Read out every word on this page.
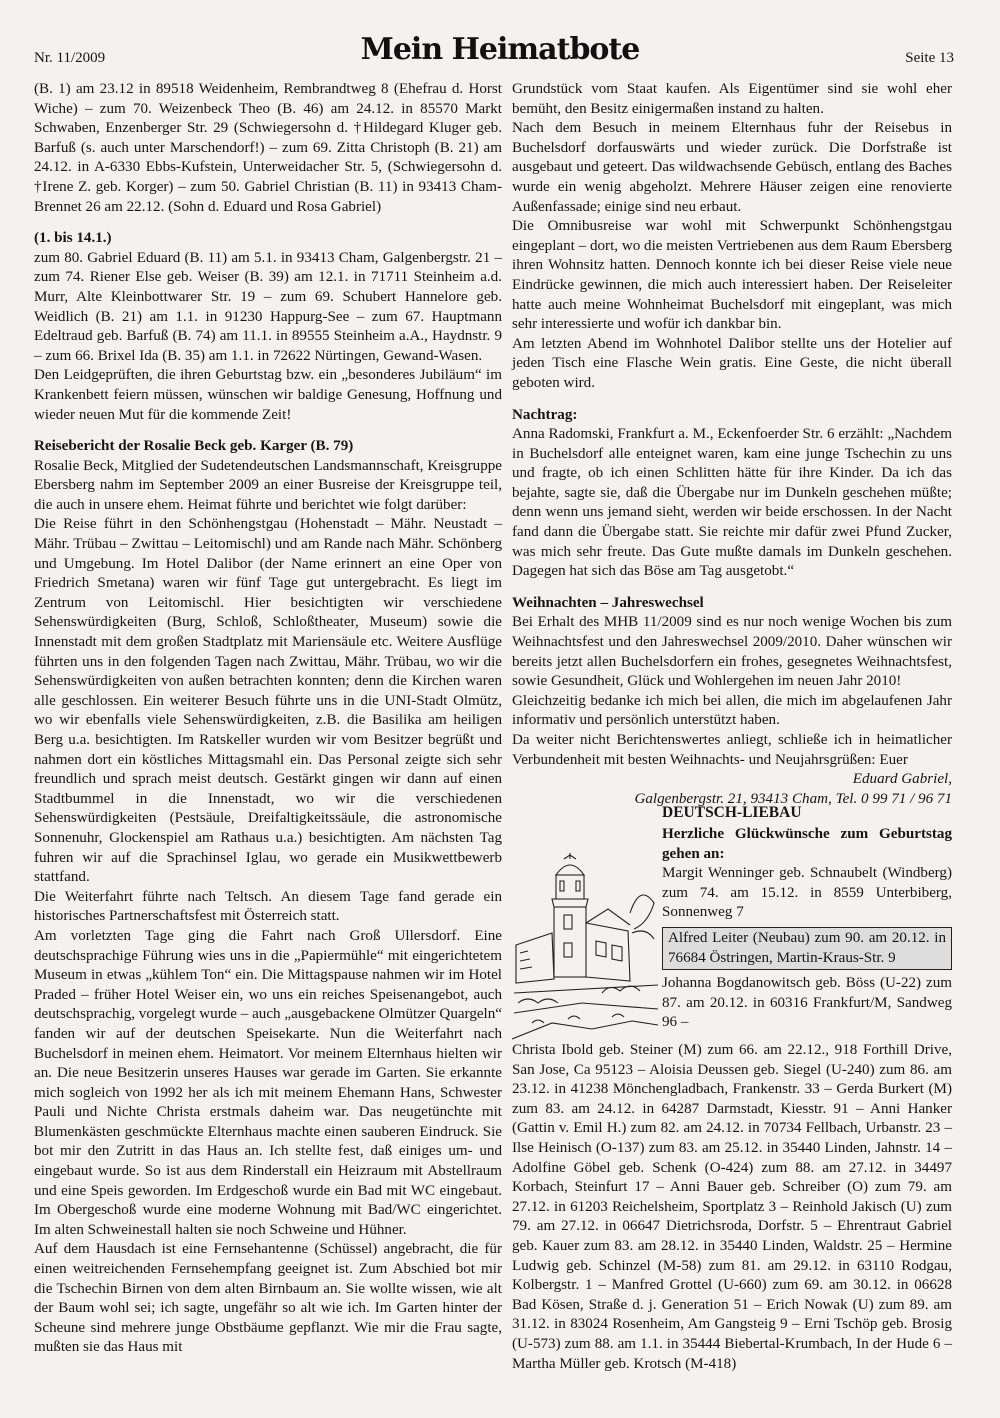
Nr. 11/2009	Mein Heimatbote	Seite 13

(B. 1) am 23.12 in 89518 Weidenheim, Rembrandtweg 8 (Ehefrau d. Horst Wiche) – zum 70. Weizenbeck Theo (B. 46) am 24.12. in 85570 Markt Schwaben, Enzenberger Str. 29 (Schwiegersohn d. †Hildegard Kluger geb. Barfuß (s. auch unter Marschendorf!) – zum 69. Zitta Christoph (B. 21) am 24.12. in A-6330 Ebbs-Kufstein, Unterweidacher Str. 5, (Schwiegersohn d. †Irene Z. geb. Korger) – zum 50. Gabriel Christian (B. 11) in 93413 Cham-Brennet 26 am 22.12. (Sohn d. Eduard und Rosa Gabriel)

(1. bis 14.1.)

zum 80. Gabriel Eduard (B. 11) am 5.1. in 93413 Cham, Galgenbergstr. 21 – zum 74. Riener Else geb. Weiser (B. 39) am 12.1. in 71711 Steinheim a.d. Murr, Alte Kleinbottwarer Str. 19 – zum 69. Schubert Hannelore geb. Weidlich (B. 21) am 1.1. in 91230 Happurg-See – zum 67. Hauptmann Edeltraud geb. Barfuß (B. 74) am 11.1. in 89555 Steinheim a.A., Haydnstr. 9 – zum 66. Brixel Ida (B. 35) am 1.1. in 72622 Nürtingen, Gewand-Wasen.

Den Leidgeprüften, die ihren Geburtstag bzw. ein „besonderes Jubiläum“ im Krankenbett feiern müssen, wünschen wir baldige Genesung, Hoffnung und wieder neuen Mut für die kommende Zeit!

Reisebericht der Rosalie Beck geb. Karger (B. 79)

Rosalie Beck, Mitglied der Sudetendeutschen Landsmannschaft, Kreisgruppe Ebersberg nahm im September 2009 an einer Busreise der Kreisgruppe teil, die auch in unsere ehem. Heimat führte und berichtet wie folgt darüber:

Die Reise führt in den Schönhengstgau (Hohenstadt – Mähr. Neustadt – Mähr. Trübau – Zwittau – Leitomischl) und am Rande nach Mähr. Schönberg und Umgebung. Im Hotel Dalibor (der Name erinnert an eine Oper von Friedrich Smetana) waren wir fünf Tage gut untergebracht. Es liegt im Zentrum von Leitomischl. Hier besichtigten wir verschiedene Sehenswürdigkeiten (Burg, Schloß, Schloßtheater, Museum) sowie die Innenstadt mit dem großen Stadtplatz mit Mariensäule etc. Weitere Ausflüge führten uns in den folgenden Tagen nach Zwittau, Mähr. Trübau, wo wir die Sehenswürdigkeiten von außen betrachten konnten; denn die Kirchen waren alle geschlossen. Ein weiterer Besuch führte uns in die UNI-Stadt Olmütz, wo wir ebenfalls viele Sehenswürdigkeiten, z.B. die Basilika am heiligen Berg u.a. besichtigten. Im Ratskeller wurden wir vom Besitzer begrüßt und nahmen dort ein köstliches Mittagsmahl ein. Das Personal zeigte sich sehr freundlich und sprach meist deutsch. Gestärkt gingen wir dann auf einen Stadtbummel in die Innenstadt, wo wir die verschiedenen Sehenswürdigkeiten (Pestsäule, Dreifaltigkeitssäule, die astronomische Sonnenuhr, Glockenspiel am Rathaus u.a.) besichtigten. Am nächsten Tag fuhren wir auf die Sprachinsel Iglau, wo gerade ein Musikwettbewerb stattfand.

Die Weiterfahrt führte nach Teltsch. An diesem Tage fand gerade ein historisches Partnerschaftsfest mit Österreich statt.

Am vorletzten Tage ging die Fahrt nach Groß Ullersdorf. Eine deutschsprachige Führung wies uns in die „Papiermühle“ mit eingerichtetem Museum in etwas „kühlem Ton“ ein. Die Mittagspause nahmen wir im Hotel Praded – früher Hotel Weiser ein, wo uns ein reiches Speisenangebot, auch deutschsprachig, vorgelegt wurde – auch „ausgebackene Olmützer Quargeln“ fanden wir auf der deutschen Speisekarte. Nun die Weiterfahrt nach Buchelsdorf in meinen ehem. Heimatort. Vor meinem Elternhaus hielten wir an. Die neue Besitzerin unseres Hauses war gerade im Garten. Sie erkannte mich sogleich von 1992 her als ich mit meinem Ehemann Hans, Schwester Pauli und Nichte Christa erstmals daheim war. Das neugetünchte mit Blumenkästen geschmückte Elternhaus machte einen sauberen Eindruck. Sie bot mir den Zutritt in das Haus an. Ich stellte fest, daß einiges um- und eingebaut wurde. So ist aus dem Rinderstall ein Heizraum mit Abstellraum und eine Speis geworden. Im Erdgeschoß wurde ein Bad mit WC eingebaut. Im Obergeschoß wurde eine moderne Wohnung mit Bad/WC eingerichtet. Im alten Schweinestall halten sie noch Schweine und Hühner.

Auf dem Hausdach ist eine Fernsehantenne (Schüssel) angebracht, die für einen weitreichenden Fernsehempfang geeignet ist. Zum Abschied bot mir die Tschechin Birnen von dem alten Birnbaum an. Sie wollte wissen, wie alt der Baum wohl sei; ich sagte, ungefähr so alt wie ich. Im Garten hinter der Scheune sind mehrere junge Obstbäume gepflanzt. Wie mir die Frau sagte, mußten sie das Haus mit

Grundstück vom Staat kaufen. Als Eigentümer sind sie wohl eher bemüht, den Besitz einigermaßen instand zu halten.

Nach dem Besuch in meinem Elternhaus fuhr der Reisebus in Buchelsdorf dorfauswärts und wieder zurück. Die Dorfstraße ist ausgebaut und geteert. Das wildwachsende Gebüsch, entlang des Baches wurde ein wenig abgeholzt. Mehrere Häuser zeigen eine renovierte Außenfassade; einige sind neu erbaut.

Die Omnibusreise war wohl mit Schwerpunkt Schönhengstgau eingeplant – dort, wo die meisten Vertriebenen aus dem Raum Ebersberg ihren Wohnsitz hatten. Dennoch konnte ich bei dieser Reise viele neue Eindrücke gewinnen, die mich auch interessiert haben. Der Reiseleiter hatte auch meine Wohnheimat Buchelsdorf mit eingeplant, was mich sehr interessierte und wofür ich dankbar bin.

Am letzten Abend im Wohnhotel Dalibor stellte uns der Hotelier auf jeden Tisch eine Flasche Wein gratis. Eine Geste, die nicht überall geboten wird.

Nachtrag:

Anna Radomski, Frankfurt a. M., Eckenfoerder Str. 6 erzählt: „Nachdem in Buchelsdorf alle enteignet waren, kam eine junge Tschechin zu uns und fragte, ob ich einen Schlitten hätte für ihre Kinder. Da ich das bejahte, sagte sie, daß die Übergabe nur im Dunkeln geschehen müßte; denn wenn uns jemand sieht, werden wir beide erschossen. In der Nacht fand dann die Übergabe statt. Sie reichte mir dafür zwei Pfund Zucker, was mich sehr freute. Das Gute mußte damals im Dunkeln geschehen. Dagegen hat sich das Böse am Tag ausgetobt.“

Weihnachten – Jahreswechsel

Bei Erhalt des MHB 11/2009 sind es nur noch wenige Wochen bis zum Weihnachtsfest und den Jahreswechsel 2009/2010. Daher wünschen wir bereits jetzt allen Buchelsdorfern ein frohes, gesegnetes Weihnachtsfest, sowie Gesundheit, Glück und Wohlergehen im neuen Jahr 2010!

Gleichzeitig bedanke ich mich bei allen, die mich im abgelaufenen Jahr informativ und persönlich unterstützt haben.

Da weiter nicht Berichtenswertes anliegt, schließe ich in heimatlicher Verbundenheit mit besten Weihnachts- und Neujahrsgrüßen: Euer

Eduard Gabriel,

Galgenbergstr. 21, 93413 Cham, Tel. 0 99 71 / 96 71

DEUTSCH-LIEBAU

Herzliche Glückwünsche zum Geburtstag gehen an:

Margit Wenninger geb. Schnaubelt (Windberg) zum 74. am 15.12. in 8559 Unterbiberg, Sonnenweg 7

Alfred Leiter (Neubau) zum 90. am 20.12. in 76684 Östringen, Martin-Kraus-Str. 9

Johanna Bogdanowitsch geb. Böss (U-22) zum 87. am 20.12. in 60316 Frankfurt/M, Sandweg 96 –

Christa Ibold geb. Steiner (M) zum 66. am 22.12., 918 Forthill Drive, San Jose, Ca 95123 – Aloisia Deussen geb. Siegel (U-240) zum 86. am 23.12. in 41238 Mönchengladbach, Frankenstr. 33 – Gerda Burkert (M) zum 83. am 24.12. in 64287 Darmstadt, Kiesstr. 91 – Anni Hanker (Gattin v. Emil H.) zum 82. am 24.12. in 70734 Fellbach, Urbanstr. 23 – Ilse Heinisch (O-137) zum 83. am 25.12. in 35440 Linden, Jahnstr. 14 – Adolfine Göbel geb. Schenk (O-424) zum 88. am 27.12. in 34497 Korbach, Steinfurt 17 – Anni Bauer geb. Schreiber (O) zum 79. am 27.12. in 61203 Reichelsheim, Sportplatz 3 – Reinhold Jakisch (U) zum 79. am 27.12. in 06647 Dietrichsroda, Dorfstr. 5 – Ehrentraut Gabriel geb. Kauer zum 83. am 28.12. in 35440 Linden, Waldstr. 25 – Hermine Ludwig geb. Schinzel (M-58) zum 81. am 29.12. in 63110 Rodgau, Kolbergstr. 1 – Manfred Grottel (U-660) zum 69. am 30.12. in 06628 Bad Kösen, Straße d. j. Generation 51 – Erich Nowak (U) zum 89. am 31.12. in 83024 Rosenheim, Am Gangsteig 9 – Erni Tschöp geb. Brosig (U-573) zum 88. am 1.1. in 35444 Biebertal-Krumbach, In der Hude 6 – Martha Müller geb. Krotsch (M-418)
